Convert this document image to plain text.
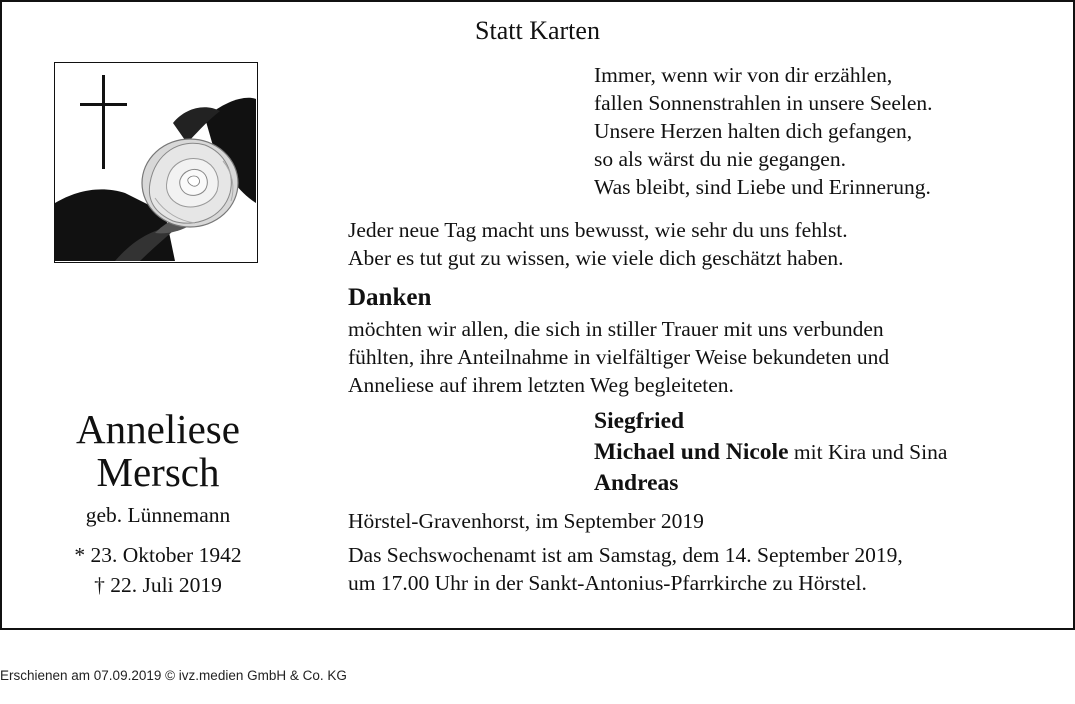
Statt Karten
Immer, wenn wir von dir erzählen,
fallen Sonnenstrahlen in unsere Seelen.
Unsere Herzen halten dich gefangen,
so als wärst du nie gegangen.
Was bleibt, sind Liebe und Erinnerung.
Jeder neue Tag macht uns bewusst, wie sehr du uns fehlst.
Aber es tut gut zu wissen, wie viele dich geschätzt haben.
Danken
möchten wir allen, die sich in stiller Trauer mit uns verbunden
fühlten, ihre Anteilnahme in vielfältiger Weise bekundeten und
Anneliese auf ihrem letzten Weg begleiteten.
Siegfried
Michael und Nicole mit Kira und Sina
Andreas
Hörstel-Gravenhorst, im September 2019
Das Sechswochenamt ist am Samstag, dem 14. September 2019,
um 17.00 Uhr in der Sankt-Antonius-Pfarrkirche zu Hörstel.
Anneliese
Mersch
geb. Lünnemann
* 23. Oktober 1942
† 22. Juli 2019
Erschienen am 07.09.2019 © ivz.medien GmbH & Co. KG
